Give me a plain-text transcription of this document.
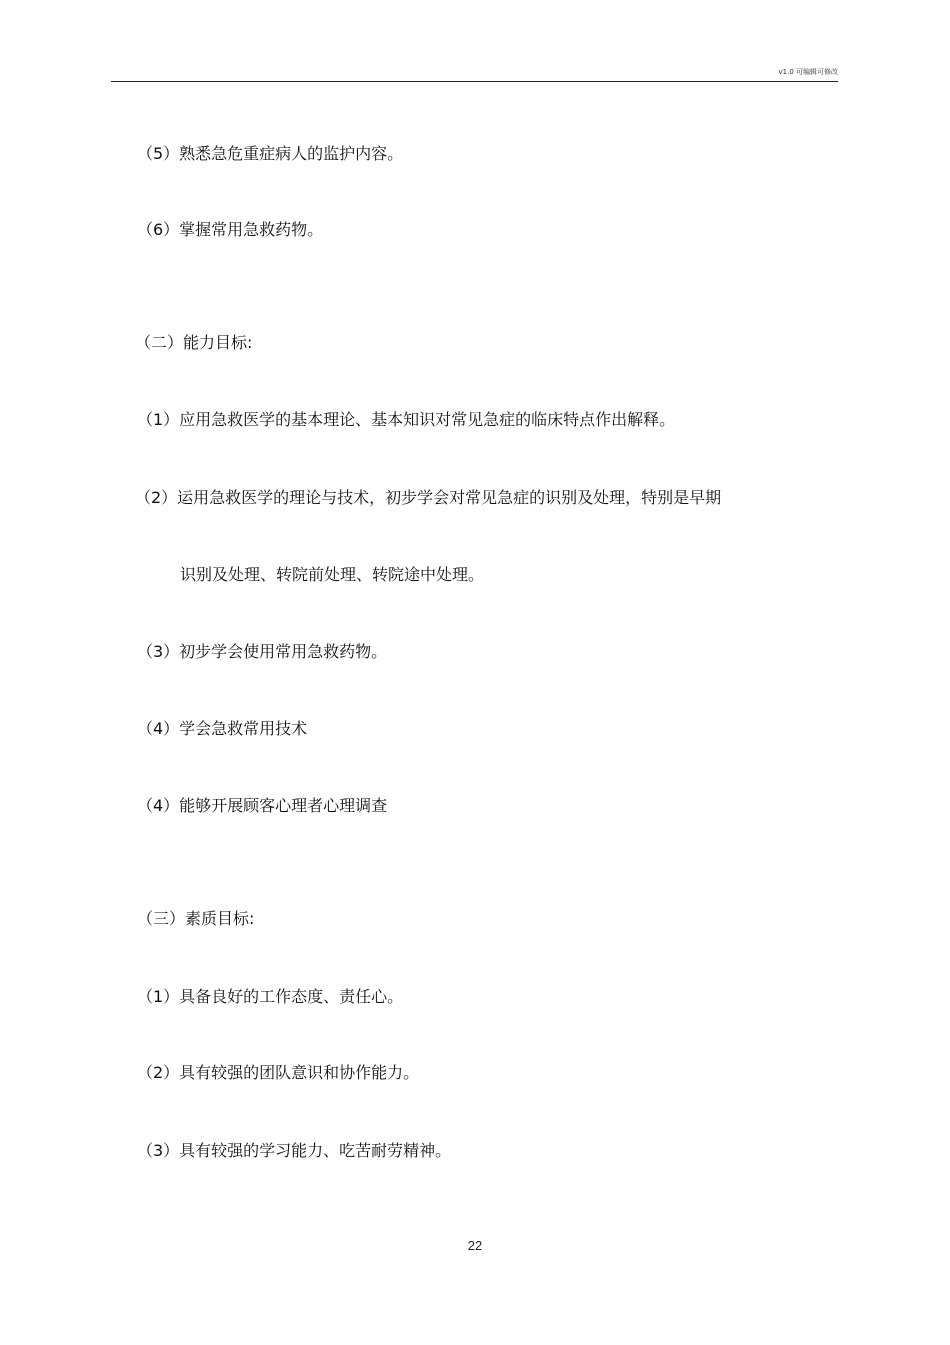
v1.0 可编辑可修改
（5）熟悉急危重症病人的监护内容。
（6）掌握常用急救药物。
（二）能力目标:
（1）应用急救医学的基本理论、基本知识对常见急症的临床特点作出解释。
（2）运用急救医学的理论与技术，初步学会对常见急症的识别及处理，特别是早期
识别及处理、转院前处理、转院途中处理。
（3）初步学会使用常用急救药物。
（4）学会急救常用技术
（4）能够开展顾客心理者心理调查
（三）素质目标:
（1）具备良好的工作态度、责任心。
（2）具有较强的团队意识和协作能力。
（3）具有较强的学习能力、吃苦耐劳精神。
22
